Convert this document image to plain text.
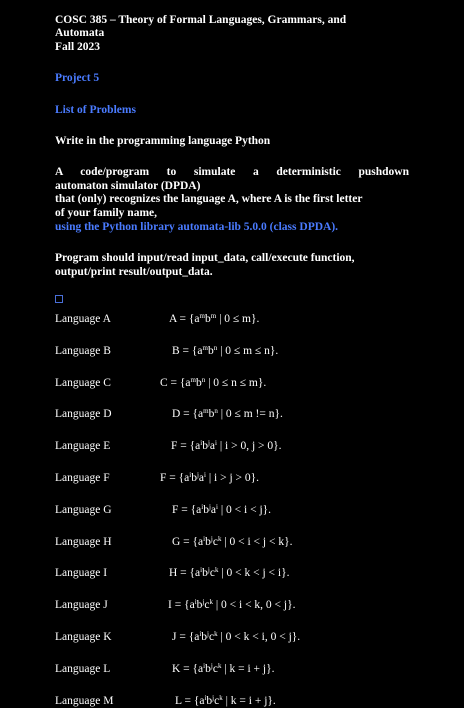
COSC 385 – Theory of Formal Languages, Grammars, and
Automata
Fall 2023
Project 5
List of Problems
Write in the programming language Python
A code/program to simulate a deterministic pushdown
automaton simulator (DPDA)
that (only) recognizes the language A, where A is the first letter
of your family name,
using the Python library automata-lib 5.0.0 (class DPDA).
Program should input/read input_data, call/execute function,
output/print result/output_data.
Language A	$A = \{a^mb^m$ | 0 ≤ m}.
Language B	$B = \{a^mb^n$ | 0 ≤ m ≤ n}.
Language C	$C = \{a^mb^n$ | 0 ≤ n ≤ m}.
Language D	$D = \{a^mb^n$ | 0 ≤ m != n}.
Language E	$F = \{a^ib^ja^i$ | i > 0, j > 0}.
Language F	$F = \{a^ib^ja^i$ | i > j > 0}.
Language G	$F = \{a^ib^ja^i$ | 0 < i < j}.
Language H	$G = \{a^ib^jc^k$ | 0 < i < j < k}.
Language I	$H = \{a^ib^jc^k$ | 0 < k < j < i}.
Language J	$I = \{a^ib^jc^k$ | 0 < i < k, 0 < j}.
Language K	$J = \{a^ib^jc^k$ | 0 < k < i, 0 < j}.
Language L	$K = \{a^ib^jc^k$ | k = i + j}.
Language M	$L = \{a^ib^jc^k$ | k = i + j}.
